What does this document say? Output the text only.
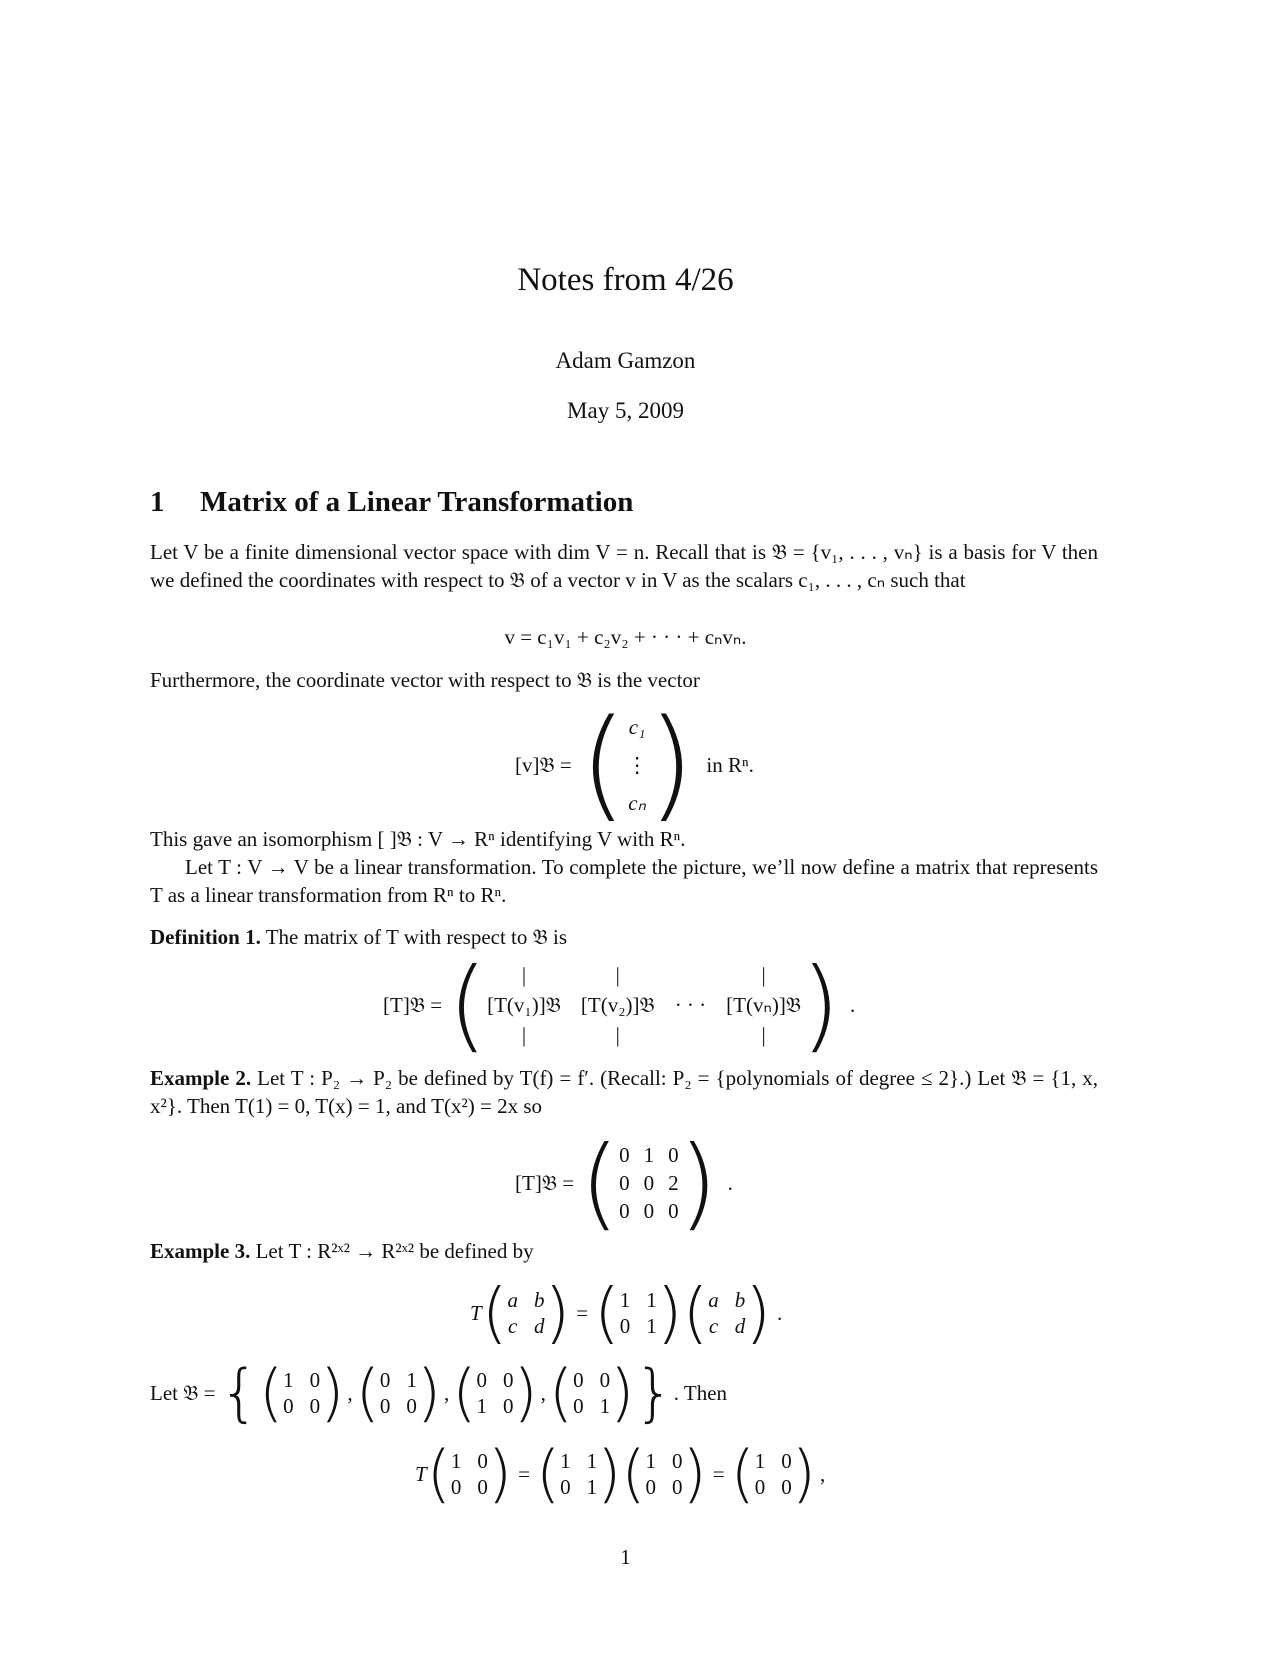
Notes from 4/26
Adam Gamzon
May 5, 2009
1 Matrix of a Linear Transformation
Let V be a finite dimensional vector space with dim V = n. Recall that is 𝔅 = {v₁, . . . , vₙ} is a basis for V then we defined the coordinates with respect to 𝔅 of a vector v in V as the scalars c₁, . . . , cₙ such that
v = c₁v₁ + c₂v₂ + · · · + cₙvₙ.
Furthermore, the coordinate vector with respect to 𝔅 is the vector
[v]𝔅 = ( c₁
⋮
cₙ ) in Rⁿ.
This gave an isomorphism [ ]𝔅 : V → Rⁿ identifying V with Rⁿ.
Let T : V → V be a linear transformation. To complete the picture, we’ll now define a matrix that represents T as a linear transformation from Rⁿ to Rⁿ.
Definition 1. The matrix of T with respect to 𝔅 is
[T]𝔅 = (	|	|	|
[T(v₁)]𝔅 [T(v₂)]𝔅 · · · [T(vₙ)]𝔅
|	|	| ) .
Example 2. Let T : P₂ → P₂ be defined by T(f) = f′. (Recall: P₂ = {polynomials of degree ≤ 2}.) Let 𝔅 = {1, x, x²}. Then T(1) = 0, T(x) = 1, and T(x²) = 2x so
[T]𝔅 = ( 0 1 0
0 0 2
0 0 0 ) .
Example 3. Let T : R²ˣ² → R²ˣ² be defined by
T ( a b
c d ) = ( 1 1
0 1 ) ( a b
c d ) .
Let 𝔅 = { ( 1 0
0 0 ) , ( 0 1
0 0 ) , ( 0 0
1 0 ) , ( 0 0
0 1 ) } . Then
T ( 1 0
0 0 ) = ( 1 1
0 1 ) ( 1 0
0 0 ) = ( 1 0
0 0 ) ,
1
